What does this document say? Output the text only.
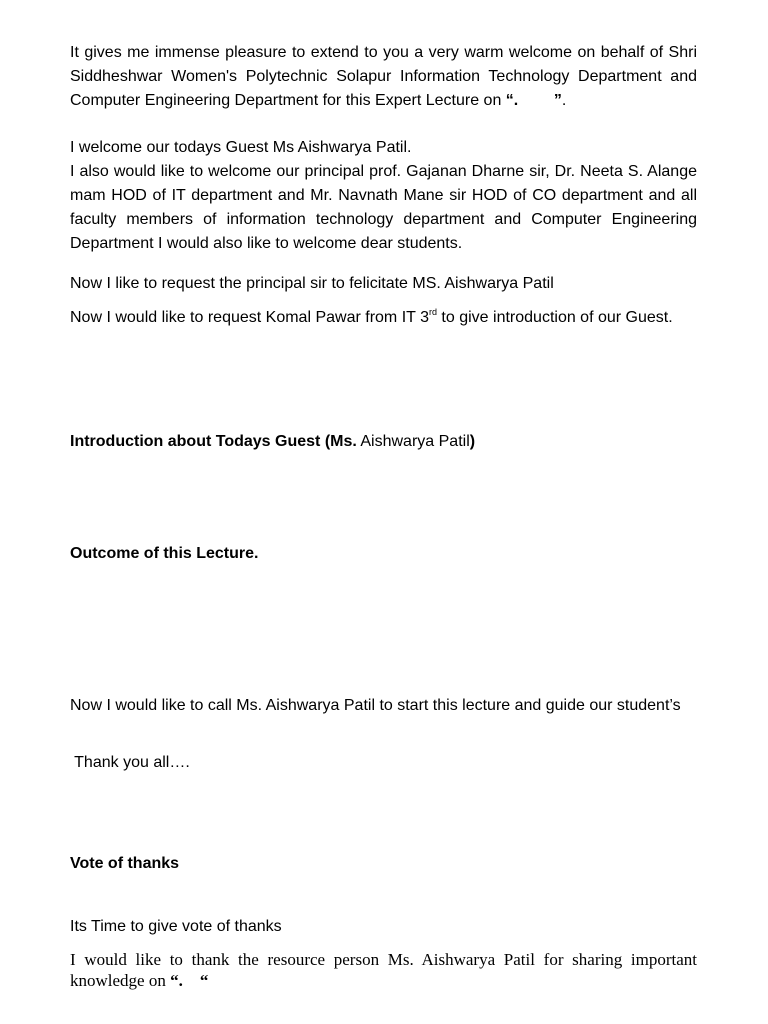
It gives me immense pleasure to extend to you a very warm welcome on behalf of Shri Siddheshwar Women's Polytechnic Solapur Information Technology Department and Computer Engineering Department for this Expert Lecture on “. ”.

I welcome our todays Guest Ms Aishwarya Patil.

I also would like to welcome our principal prof. Gajanan Dharne sir, Dr. Neeta S. Alange mam HOD of IT department and Mr. Navnath Mane sir HOD of CO department and all faculty members of information technology department and Computer Engineering Department I would also like to welcome dear students.

Now I like to request the principal sir to felicitate MS. Aishwarya Patil

Now I would like to request Komal Pawar from IT 3rd to give introduction of our Guest.

Introduction about Todays Guest (Ms. Aishwarya Patil)

Outcome of this Lecture.

Now I would like to call Ms. Aishwarya Patil to start this lecture and guide our student’s

Thank you all….

Vote of thanks

Its Time to give vote of thanks

I would like to thank the resource person Ms. Aishwarya Patil for sharing important knowledge on “.    “
